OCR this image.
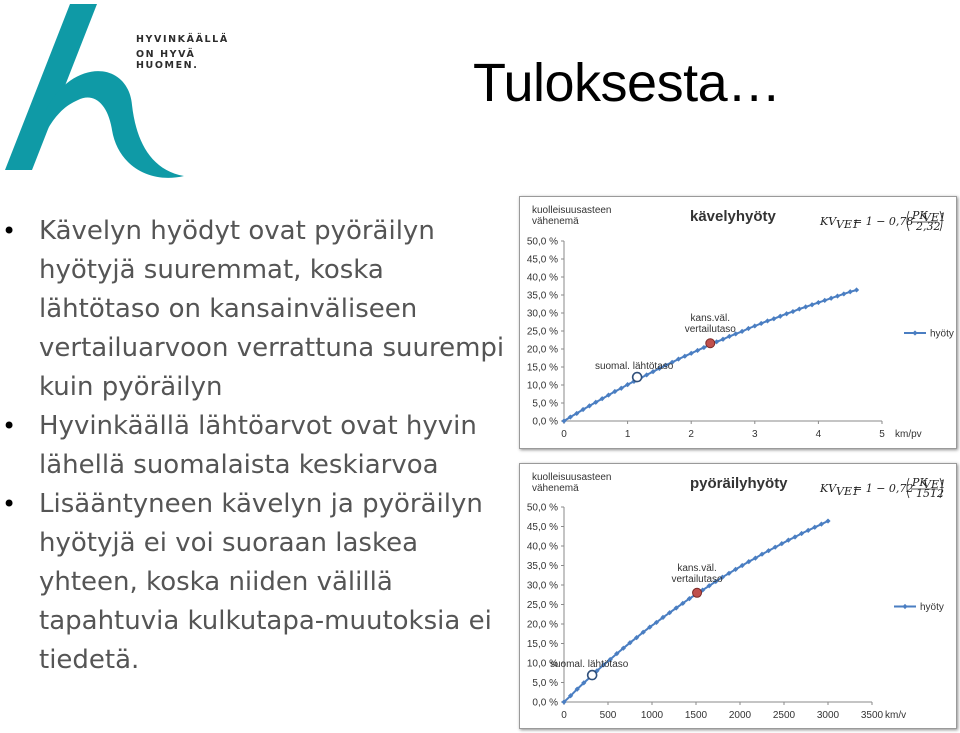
HYVINKÄÄLLÄ
ON HYVÄ HUOMEN.	Tuloksesta…
• Kävelyn hyödyt ovat pyöräilyn hyötyjä suuremmat, koska lähtötaso on kansainväliseen vertailuarvoon verrattuna suurempi kuin pyöräilyn
• Hyvinkäällä lähtöarvot ovat hyvin lähellä suomalaista keskiarvoa
• Lisääntyneen kävelyn ja pyöräilyn hyötyjä ei voi suoraan laskea yhteen, koska niiden välillä tapahtuvia kulkutapa-muutoksia ei tiedetä.
kuolleisuusasteen
vähenemä	kävelyhyöty	KV VE1
= 1 − 0,78
PK
VE1
2,32
0,0 %
5,0 %
10,0 %
15,0 %
20,0 %
25,0 %
30,0 %
35,0 %
40,0 %
45,0 %
50,0 %
0	1	2	3	4	5 km/pv
hyöty
suomal. lähtötaso
kans.väl.
vertailutaso
kuolleisuusasteen
vähenemä	pyöräilyhyöty	KV VE1
= 1 − 0,72
PK
VE1
1512
0,0 %
5,0 %
10,0 %
15,0 %
20,0 %
25,0 %
30,0 %
35,0 %
40,0 %
45,0 %
50,0 %
0	500 1000 1500 2000 2500 3000 3500 km/v
hyöty
suomal. lähtötaso
kans.väl.
vertailutaso
